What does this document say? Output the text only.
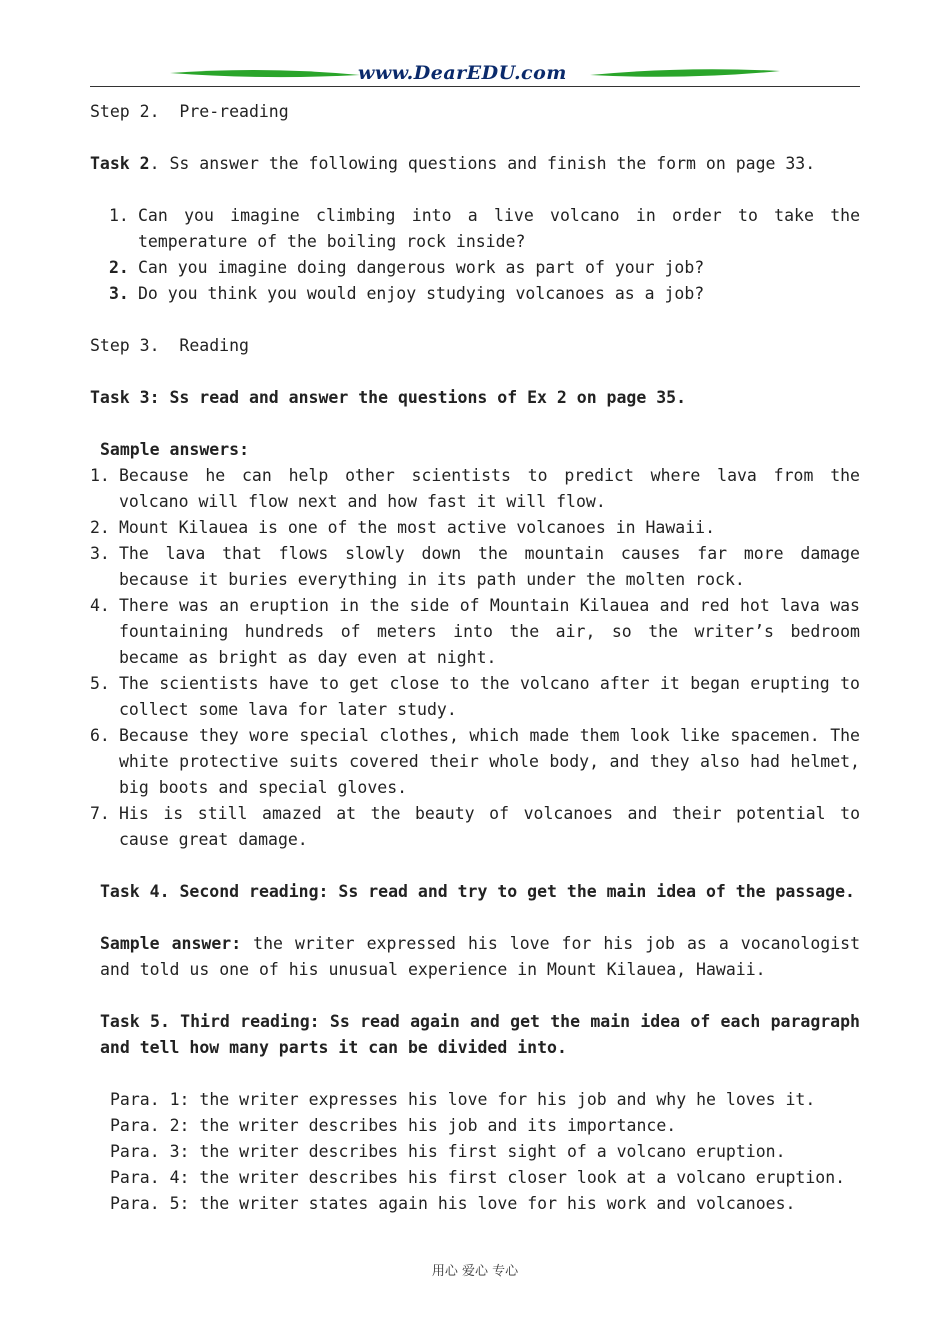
www.DearEDU.com

Step 2.  Pre-reading

Task 2. Ss answer the following questions and finish the form on page 33.

1. Can you imagine climbing into a live volcano in order to take the temperature of the boiling rock inside?
2. Can you imagine doing dangerous work as part of your job?
3. Do you think you would enjoy studying volcanoes as a job?

Step 3.  Reading

Task 3: Ss read and answer the questions of Ex 2 on page 35.

Sample answers:

1. Because he can help other scientists to predict where lava from the volcano will flow next and how fast it will flow.
2. Mount Kilauea is one of the most active volcanoes in Hawaii.
3. The lava that flows slowly down the mountain causes far more damage because it buries everything in its path under the molten rock.
4. There was an eruption in the side of Mountain Kilauea and red hot lava was fountaining hundreds of meters into the air, so the writer’s bedroom became as bright as day even at night.
5. The scientists have to get close to the volcano after it began erupting to collect some lava for later study.
6. Because they wore special clothes, which made them look like spacemen. The white protective suits covered their whole body, and they also had helmet, big boots and special gloves.
7. His is still amazed at the beauty of volcanoes and their potential to cause great damage.

Task 4. Second reading: Ss read and try to get the main idea of the passage.

Sample answer: the writer expressed his love for his job as a vocanologist and told us one of his unusual experience in Mount Kilauea, Hawaii.

Task 5. Third reading: Ss read again and get the main idea of each paragraph and tell how many parts it can be divided into.

Para. 1: the writer expresses his love for his job and why he loves it.

Para. 2: the writer describes his job and its importance.

Para. 3: the writer describes his first sight of a volcano eruption.

Para. 4: the writer describes his first closer look at a volcano eruption.

Para. 5: the writer states again his love for his work and volcanoes.

用心 爱心 专心
